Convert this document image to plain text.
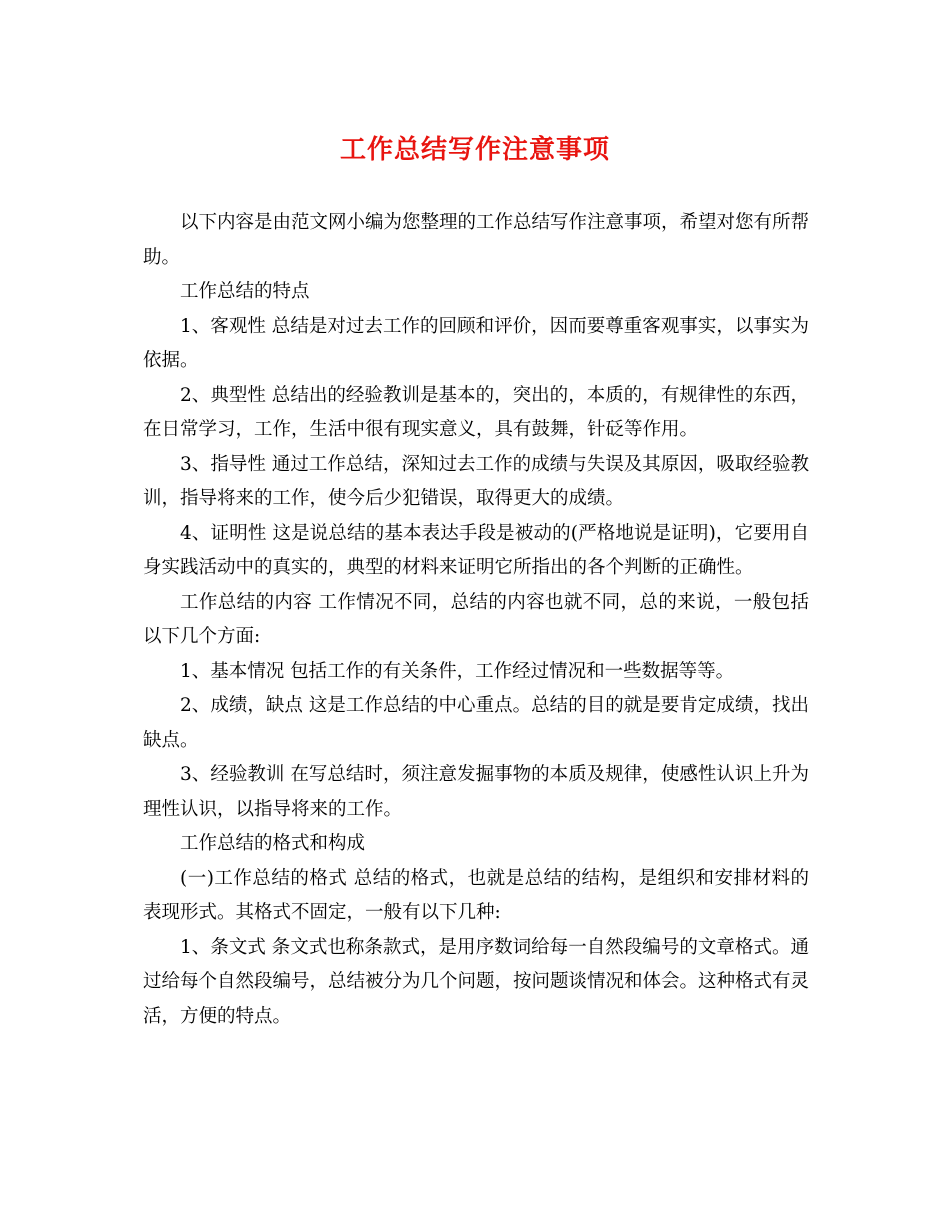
工作总结写作注意事项

以下内容是由范文网小编为您整理的工作总结写作注意事项，希望对您有所帮助。

工作总结的特点

1、客观性 总结是对过去工作的回顾和评价，因而要尊重客观事实，以事实为依据。

2、典型性 总结出的经验教训是基本的，突出的，本质的，有规律性的东西，在日常学习，工作，生活中很有现实意义，具有鼓舞，针砭等作用。

3、指导性 通过工作总结，深知过去工作的成绩与失误及其原因，吸取经验教训，指导将来的工作，使今后少犯错误，取得更大的成绩。

4、证明性 这是说总结的基本表达手段是被动的(严格地说是证明)，它要用自身实践活动中的真实的，典型的材料来证明它所指出的各个判断的正确性。

工作总结的内容 工作情况不同，总结的内容也就不同，总的来说，一般包括以下几个方面:

1、基本情况 包括工作的有关条件，工作经过情况和一些数据等等。

2、成绩，缺点 这是工作总结的中心重点。总结的目的就是要肯定成绩，找出缺点。

3、经验教训 在写总结时，须注意发掘事物的本质及规律，使感性认识上升为理性认识，以指导将来的工作。

工作总结的格式和构成

(一)工作总结的格式 总结的格式，也就是总结的结构，是组织和安排材料的表现形式。其格式不固定，一般有以下几种:

1、条文式 条文式也称条款式，是用序数词给每一自然段编号的文章格式。通过给每个自然段编号，总结被分为几个问题，按问题谈情况和体会。这种格式有灵活，方便的特点。
